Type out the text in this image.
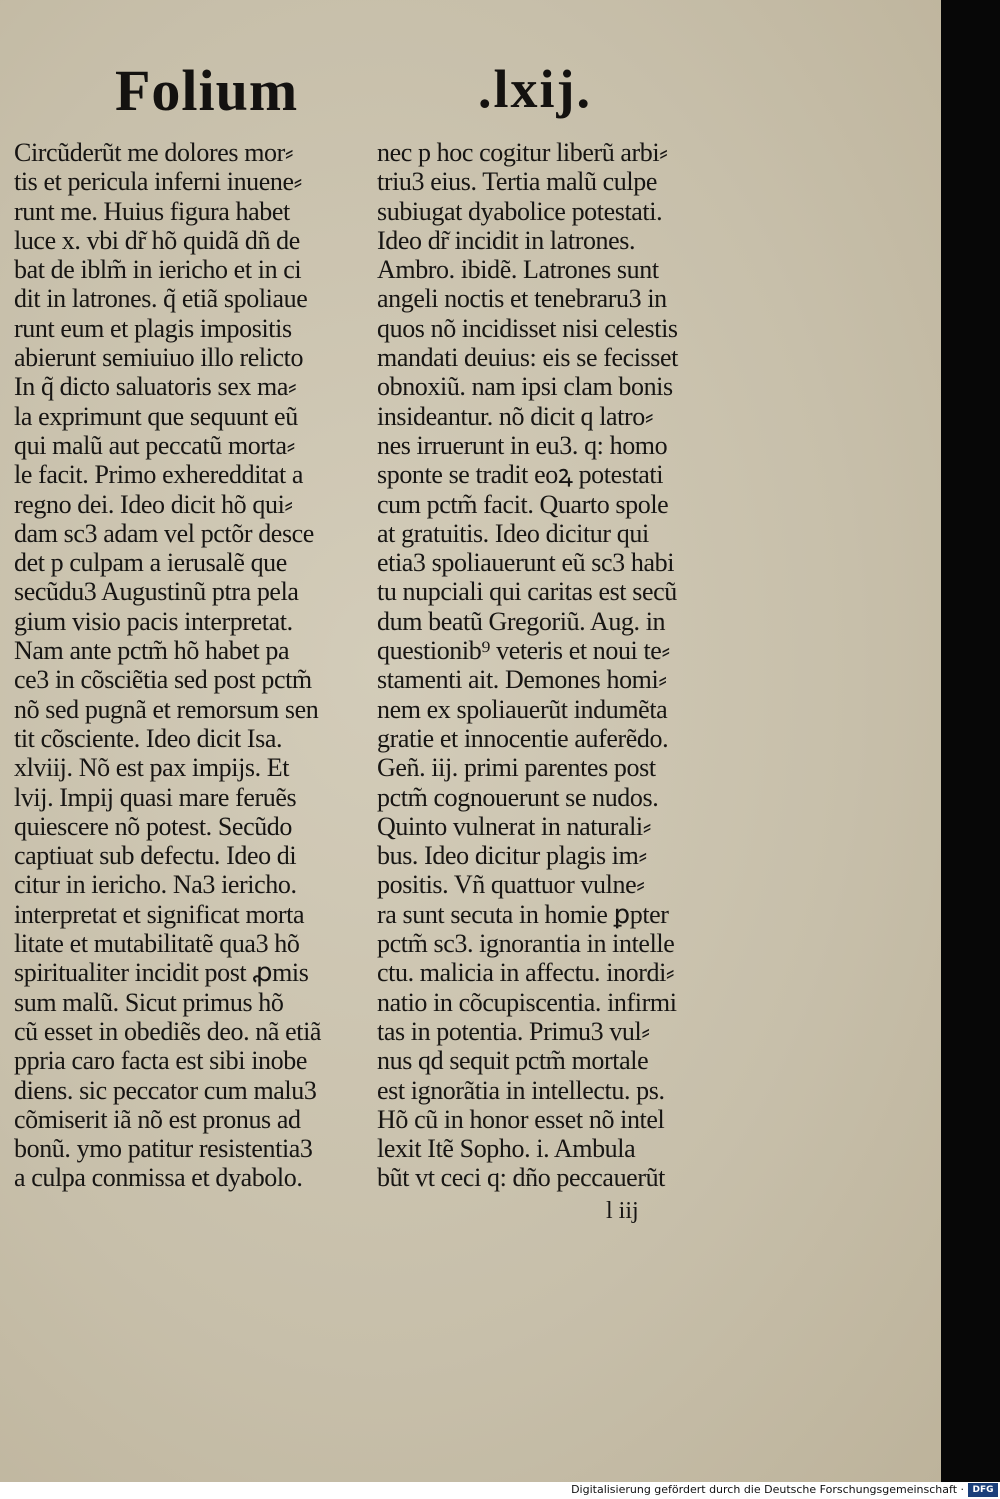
Folium	.lxij.
Circũderũt me dolores mor⸗
tis et pericula inferni inuene⸗
runt me. Huius figura habet
luce x. vbi dr̃ hõ quidã dñ de
bat de iblm̃ in iericho et in ci
dit in latrones. q̃ etiã spoliaue
runt eum et plagis impositis
abierunt semiuiuo illo relicto
In q̃ dicto saluatoris sex ma⸗
la exprimunt que sequunt eũ
qui malũ aut peccatũ morta⸗
le facit. Primo exheredditat a
regno dei. Ideo dicit hõ qui⸗
dam sc3 adam vel pctõr desce
det p culpam a ierusalẽ que
secũdu3 Augustinũ ptra pela
gium visio pacis interpretat.
Nam ante pctm̃ hõ habet pa
ce3 in cõsciẽtia sed post pctm̃
nõ sed pugnã et remorsum sen
tit cõsciente. Ideo dicit Isa.
xlviij. Nõ est pax impijs. Et
lvij. Impij quasi mare feruẽs
quiescere nõ potest. Secũdo
captiuat sub defectu. Ideo di
citur in iericho. Na3 iericho.
interpretat et significat morta
litate et mutabilitatẽ qua3 hõ
spiritualiter incidit post ꝓmis
sum malũ. Sicut primus hõ
cũ esset in obediẽs deo. nã etiã
ppria caro facta est sibi inobe
diens. sic peccator cum malu3
cõmiserit iã nõ est pronus ad
bonũ. ymo patitur resistentia3
a culpa conmissa et dyabolo.
nec p hoc cogitur liberũ arbi⸗
triu3 eius. Tertia malũ culpe
subiugat dyabolice potestati.
Ideo dr̃ incidit in latrones.
Ambro. ibidẽ. Latrones sunt
angeli noctis et tenebraru3 in
quos nõ incidisset nisi celestis
mandati deuius: eis se fecisset
obnoxiũ. nam ipsi clam bonis
insideantur. nõ dicit q latro⸗
nes irruerunt in eu3. q: homo
sponte se tradit eoꝝ potestati
cum pctm̃ facit. Quarto spole
at gratuitis. Ideo dicitur qui
etia3 spoliauerunt eũ sc3 habi
tu nupciali qui caritas est secũ
dum beatũ Gregoriũ. Aug. in
questionib⁹ veteris et noui te⸗
stamenti ait. Demones homi⸗
nem ex spoliauerũt indumẽta
gratie et innocentie auferẽdo.
Geñ. iij. primi parentes post
pctm̃ cognouerunt se nudos.
Quinto vulnerat in naturali⸗
bus. Ideo dicitur plagis im⸗
positis. Vñ quattuor vulne⸗
ra sunt secuta in homie ꝑpter
pctm̃ sc3. ignorantia in intelle
ctu. malicia in affectu. inordi⸗
natio in cõcupiscentia. infirmi
tas in potentia. Primu3 vul⸗
nus qd sequit pctm̃ mortale
est ignorãtia in intellectu. ps.
Hõ cũ in honor esset nõ intel
lexit Itẽ Sopho. i. Ambula
bũt vt ceci q: dño peccauerũt
l iij
Digitalisierung gefördert durch die Deutsche Forschungsgemeinschaft · DFG
